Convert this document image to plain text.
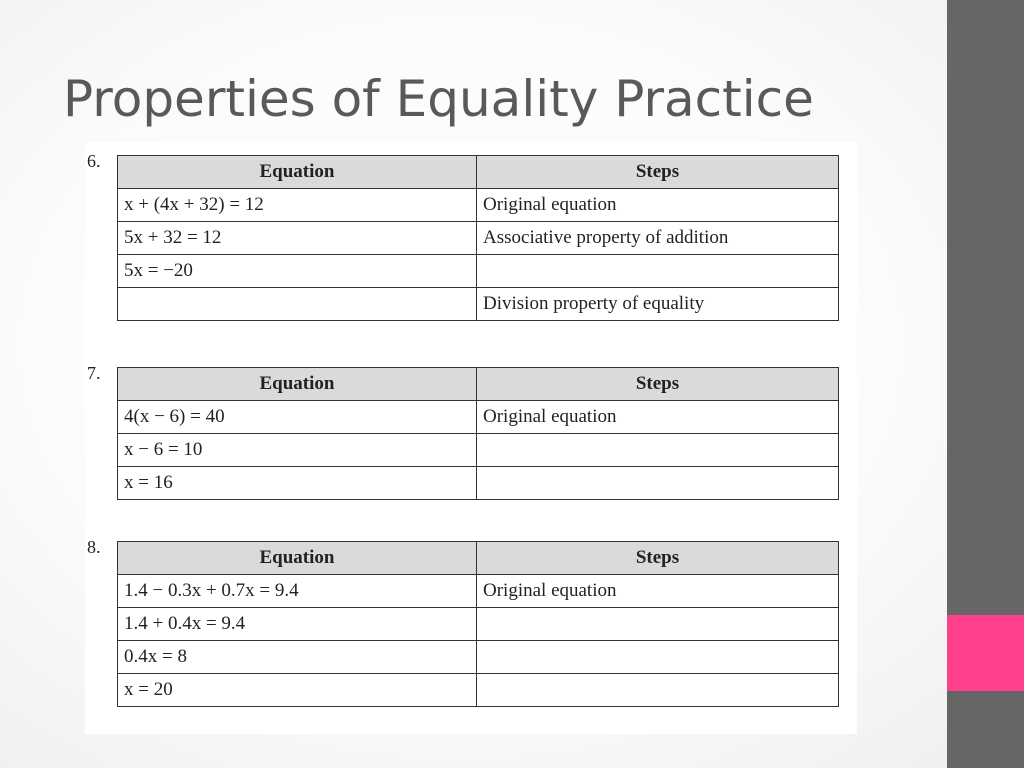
Properties of Equality Practice
6.	Equation	Steps
x + (4x + 32) = 12	Original equation
5x + 32 = 12	Associative property of addition
5x = −20	
	Division property of equality
7.	Equation	Steps
4(x − 6) = 40	Original equation
x − 6 = 10	
x = 16	
8.	Equation	Steps
1.4 − 0.3x + 0.7x = 9.4	Original equation
1.4 + 0.4x = 9.4	
0.4x = 8	
x = 20	
